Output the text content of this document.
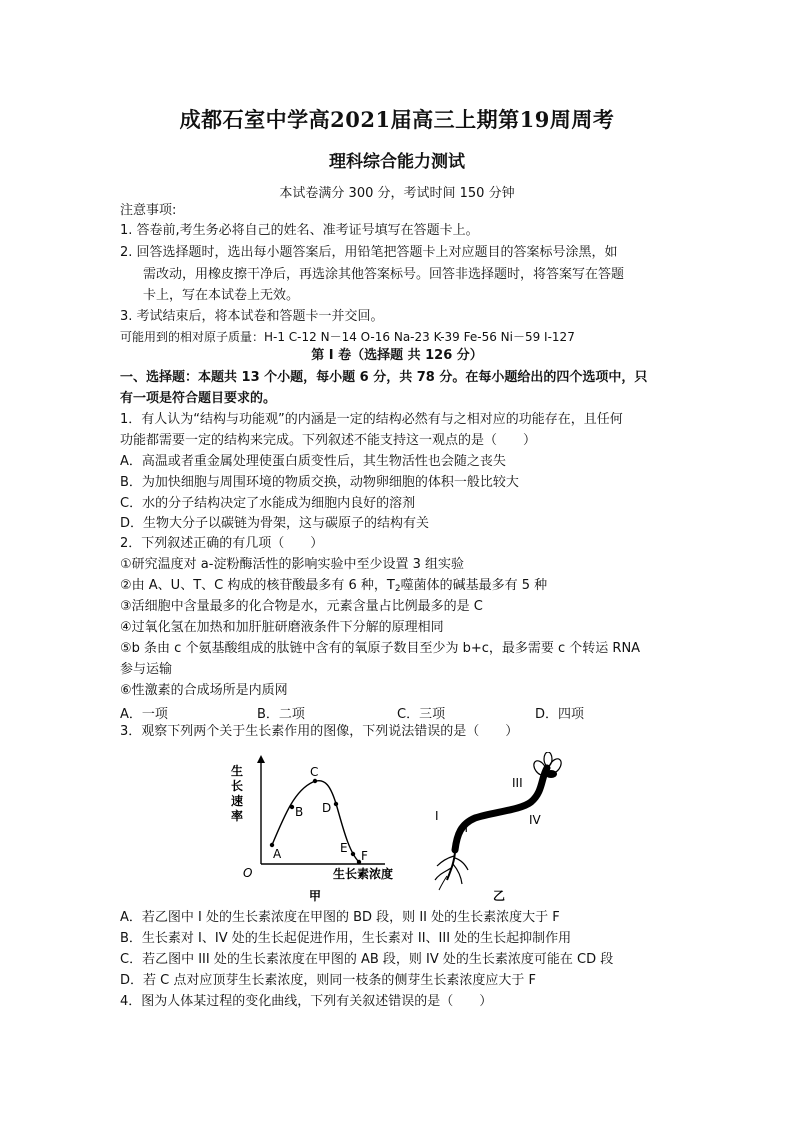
成都石室中学高2021届高三上期第19周周考
理科综合能力测试
本试卷满分 300 分，考试时间 150 分钟
注意事项:
1. 答卷前,考生务必将自己的姓名、准考证号填写在答题卡上。
2. 回答选择题时，选出每小题答案后，用铅笔把答题卡上对应题目的答案标号涂黑，如
需改动，用橡皮擦干净后，再选涂其他答案标号。回答非选择题时，将答案写在答题
卡上，写在本试卷上无效。
3. 考试结束后，将本试卷和答题卡一并交回。
可能用到的相对原子质量：H-1 C-12 N－14 O-16 Na-23 K-39 Fe-56 Ni－59 I-127
第 I 卷（选择题 共 126 分）
一、选择题：本题共 13 个小题，每小题 6 分，共 78 分。在每小题给出的四个选项中，只
有一项是符合题目要求的。
1．有人认为“结构与功能观”的内涵是一定的结构必然有与之相对应的功能存在，且任何
功能都需要一定的结构来完成。下列叙述不能支持这一观点的是（　　）
A．高温或者重金属处理使蛋白质变性后，其生物活性也会随之丧失
B．为加快细胞与周围环境的物质交换，动物卵细胞的体积一般比较大
C．水的分子结构决定了水能成为细胞内良好的溶剂
D．生物大分子以碳链为骨架，这与碳原子的结构有关
2．下列叙述正确的有几项（　　）
①研究温度对 a-淀粉酶活性的影响实验中至少设置 3 组实验
②由 A、U、T、C 构成的核苷酸最多有 6 种，$T_2$噬菌体的碱基最多有 5 种
③活细胞中含量最多的化合物是水，元素含量占比例最多的是 C
④过氧化氢在加热和加肝脏研磨液条件下分解的原理相同
⑤b 条由 c 个氨基酸组成的肽链中含有的氧原子数目至少为 b+c，最多需要 c 个转运 RNA
参与运输
⑥性激素的合成场所是内质网
A．一项	B．二项	C．三项	D．四项
3．观察下列两个关于生长素作用的图像，下列说法错误的是（　　）
生
长
速
率
O	生长素浓度
A
B
C
D
E
F
甲
III
I
II
IV
乙
A．若乙图中 I 处的生长素浓度在甲图的 BD 段，则 II 处的生长素浓度大于 F
B．生长素对 I、IV 处的生长起促进作用，生长素对 II、III 处的生长起抑制作用
C．若乙图中 III 处的生长素浓度在甲图的 AB 段，则 IV 处的生长素浓度可能在 CD 段
D．若 C 点对应顶芽生长素浓度，则同一枝条的侧芽生长素浓度应大于 F
4．图为人体某过程的变化曲线，下列有关叙述错误的是（　　）
